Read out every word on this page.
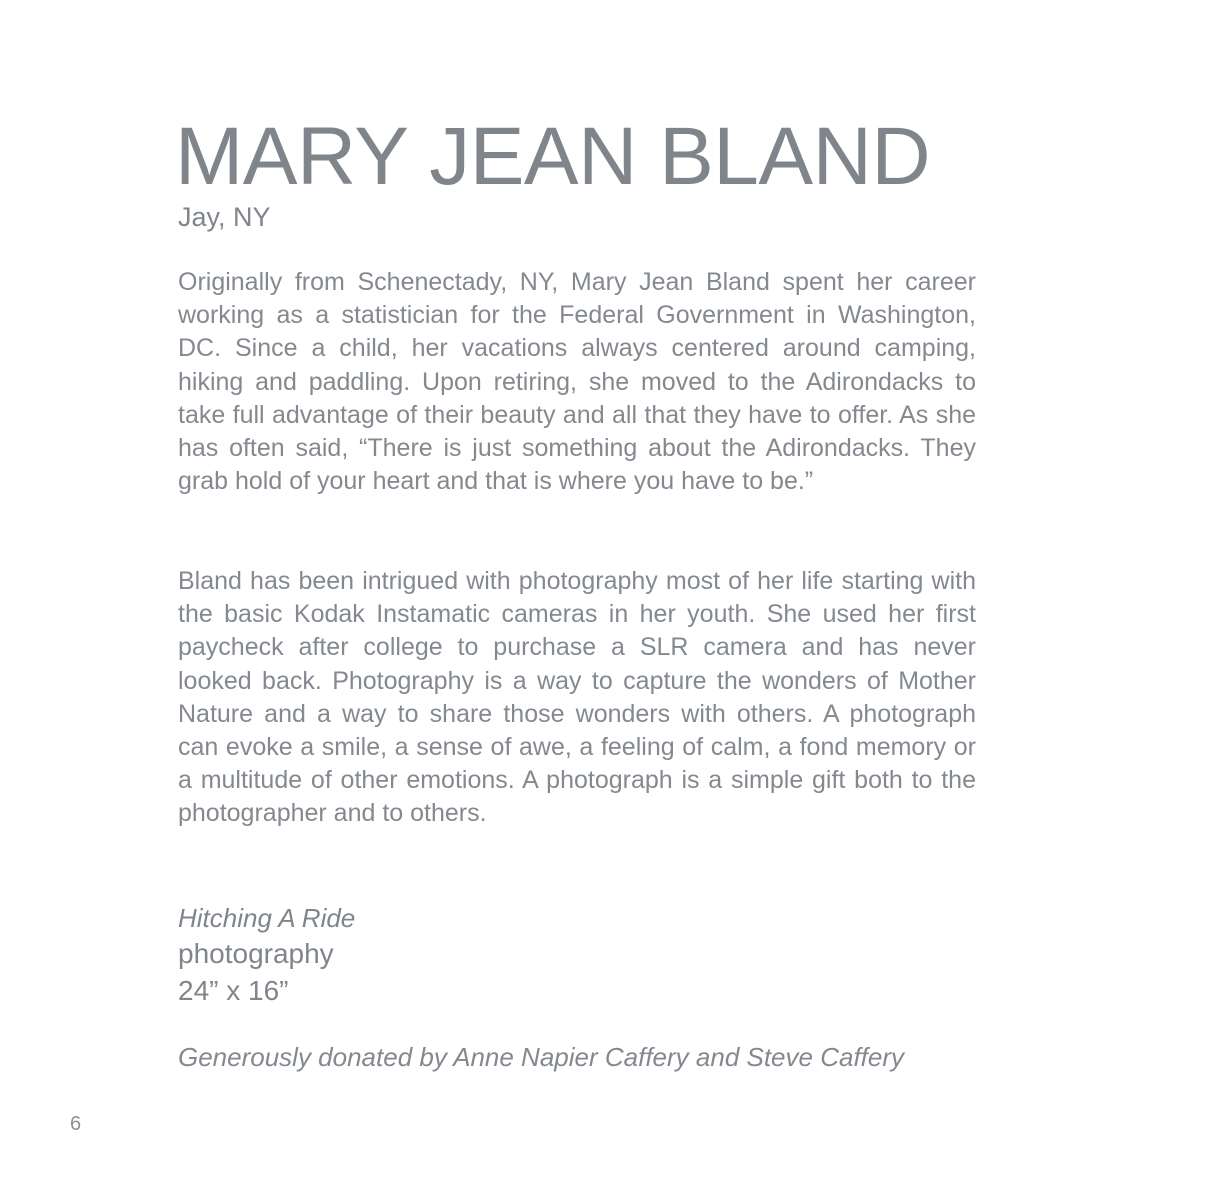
MARY JEAN BLAND
Jay, NY

Originally from Schenectady, NY, Mary Jean Bland spent her career working as a statistician for the Federal Government in Washington, DC. Since a child, her vacations always centered around camping, hiking and paddling. Upon retiring, she moved to the Adirondacks to take full advantage of their beauty and all that they have to offer. As she has often said, “There is just something about the Adirondacks. They grab hold of your heart and that is where you have to be.”

Bland has been intrigued with photography most of her life starting with the basic Kodak Instamatic cameras in her youth. She used her first paycheck after college to purchase a SLR camera and has never looked back. Photography is a way to capture the wonders of Mother Nature and a way to share those wonders with others. A photograph can evoke a smile, a sense of awe, a feeling of calm, a fond memory or a multitude of other emotions. A photograph is a simple gift both to the photographer and to others.

Hitching A Ride
photography
24” x 16”
Generously donated by Anne Napier Caffery and Steve Caffery
6
